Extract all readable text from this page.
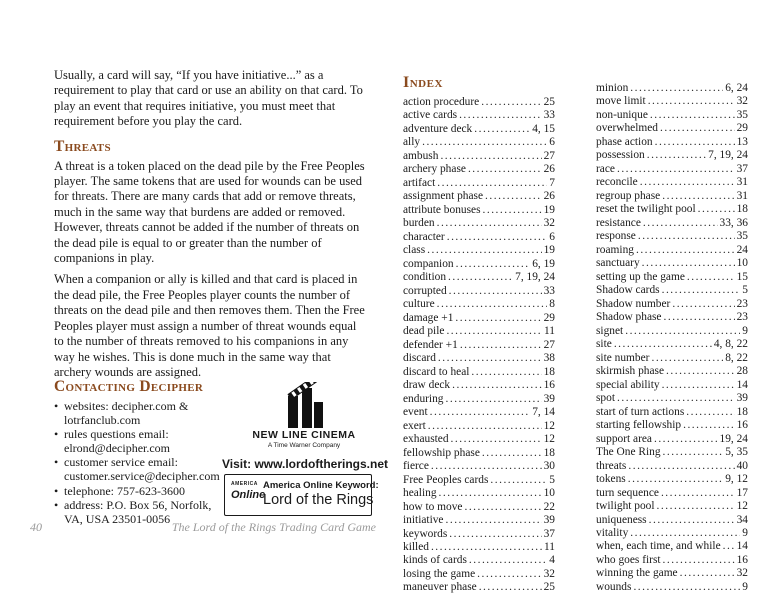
Usually, a card will say, “If you have initiative...” as a requirement to play that card or use an ability on that card. To play an event that requires initiative, you must meet that requirement before you play the card.

Threats

A threat is a token placed on the dead pile by the Free Peoples player. The same tokens that are used for wounds can be used for threats. There are many cards that add or remove threats, much in the same way that burdens are added or removed. However, threats cannot be added if the number of threats on the dead pile is equal to or greater than the number of companions in play.

When a companion or ally is killed and that card is placed in the dead pile, the Free Peoples player counts the number of threats on the dead pile and then removes them. Then the Free Peoples player must assign a number of threat wounds equal to the number of threats removed to his companions in any way he wishes. This is done much in the same way that archery wounds are assigned.

Contacting Decipher
• websites: decipher.com & lotrfanclub.com
• rules questions email: elrond@decipher.com
• customer service email: customer.service@decipher.com
• telephone: 757-623-3600
• address: P.O. Box 56, Norfolk, VA, USA 23501-0056
NEW LINE CINEMA
A Time Warner Company
Visit: www.lordoftherings.net
AMERICA
Online
America Online Keyword:
Lord of the Rings
40	The Lord of the Rings Trading Card Game
Index
action procedure .....	25
active cards .....	33
adventure deck .....	4, 15
ally .....	6
ambush .....	27
archery phase .....	26
artifact .....	7
assignment phase .....	26
attribute bonuses .....	19
burden .....	32
character .....	6
class .....	19
companion .....	6, 19
condition .....	7, 19, 24
corrupted .....	33
culture .....	8
damage +1 .....	29
dead pile .....	11
defender +1 .....	27
discard .....	38
discard to heal .....	18
draw deck .....	16
enduring .....	39
event .....	7, 14
exert .....	12
exhausted .....	12
fellowship phase .....	18
fierce .....	30
Free Peoples cards .....	5
healing .....	10
how to move .....	22
initiative .....	39
keywords .....	37
killed .....	11
kinds of cards .....	4
losing the game .....	32
maneuver phase .....	25
minion .....	6, 24
move limit .....	32
non-unique .....	35
overwhelmed .....	29
phase action .....	13
possession .....	7, 19, 24
race .....	37
reconcile .....	31
regroup phase .....	31
reset the twilight pool .....	18
resistance .....	33, 36
response .....	35
roaming .....	24
sanctuary .....	10
setting up the game .....	15
Shadow cards .....	5
Shadow number .....	23
Shadow phase .....	23
signet .....	9
site .....	4, 8, 22
site number .....	8, 22
skirmish phase .....	28
special ability .....	14
spot .....	39
start of turn actions .....	18
starting fellowship .....	16
support area .....	19, 24
The One Ring .....	5, 35
threats .....	40
tokens .....	9, 12
turn sequence .....	17
twilight pool .....	12
uniqueness .....	34
vitality .....	9
when, each time, and while ..... 14
who goes first .....	16
winning the game .....	32
wounds .....	9
